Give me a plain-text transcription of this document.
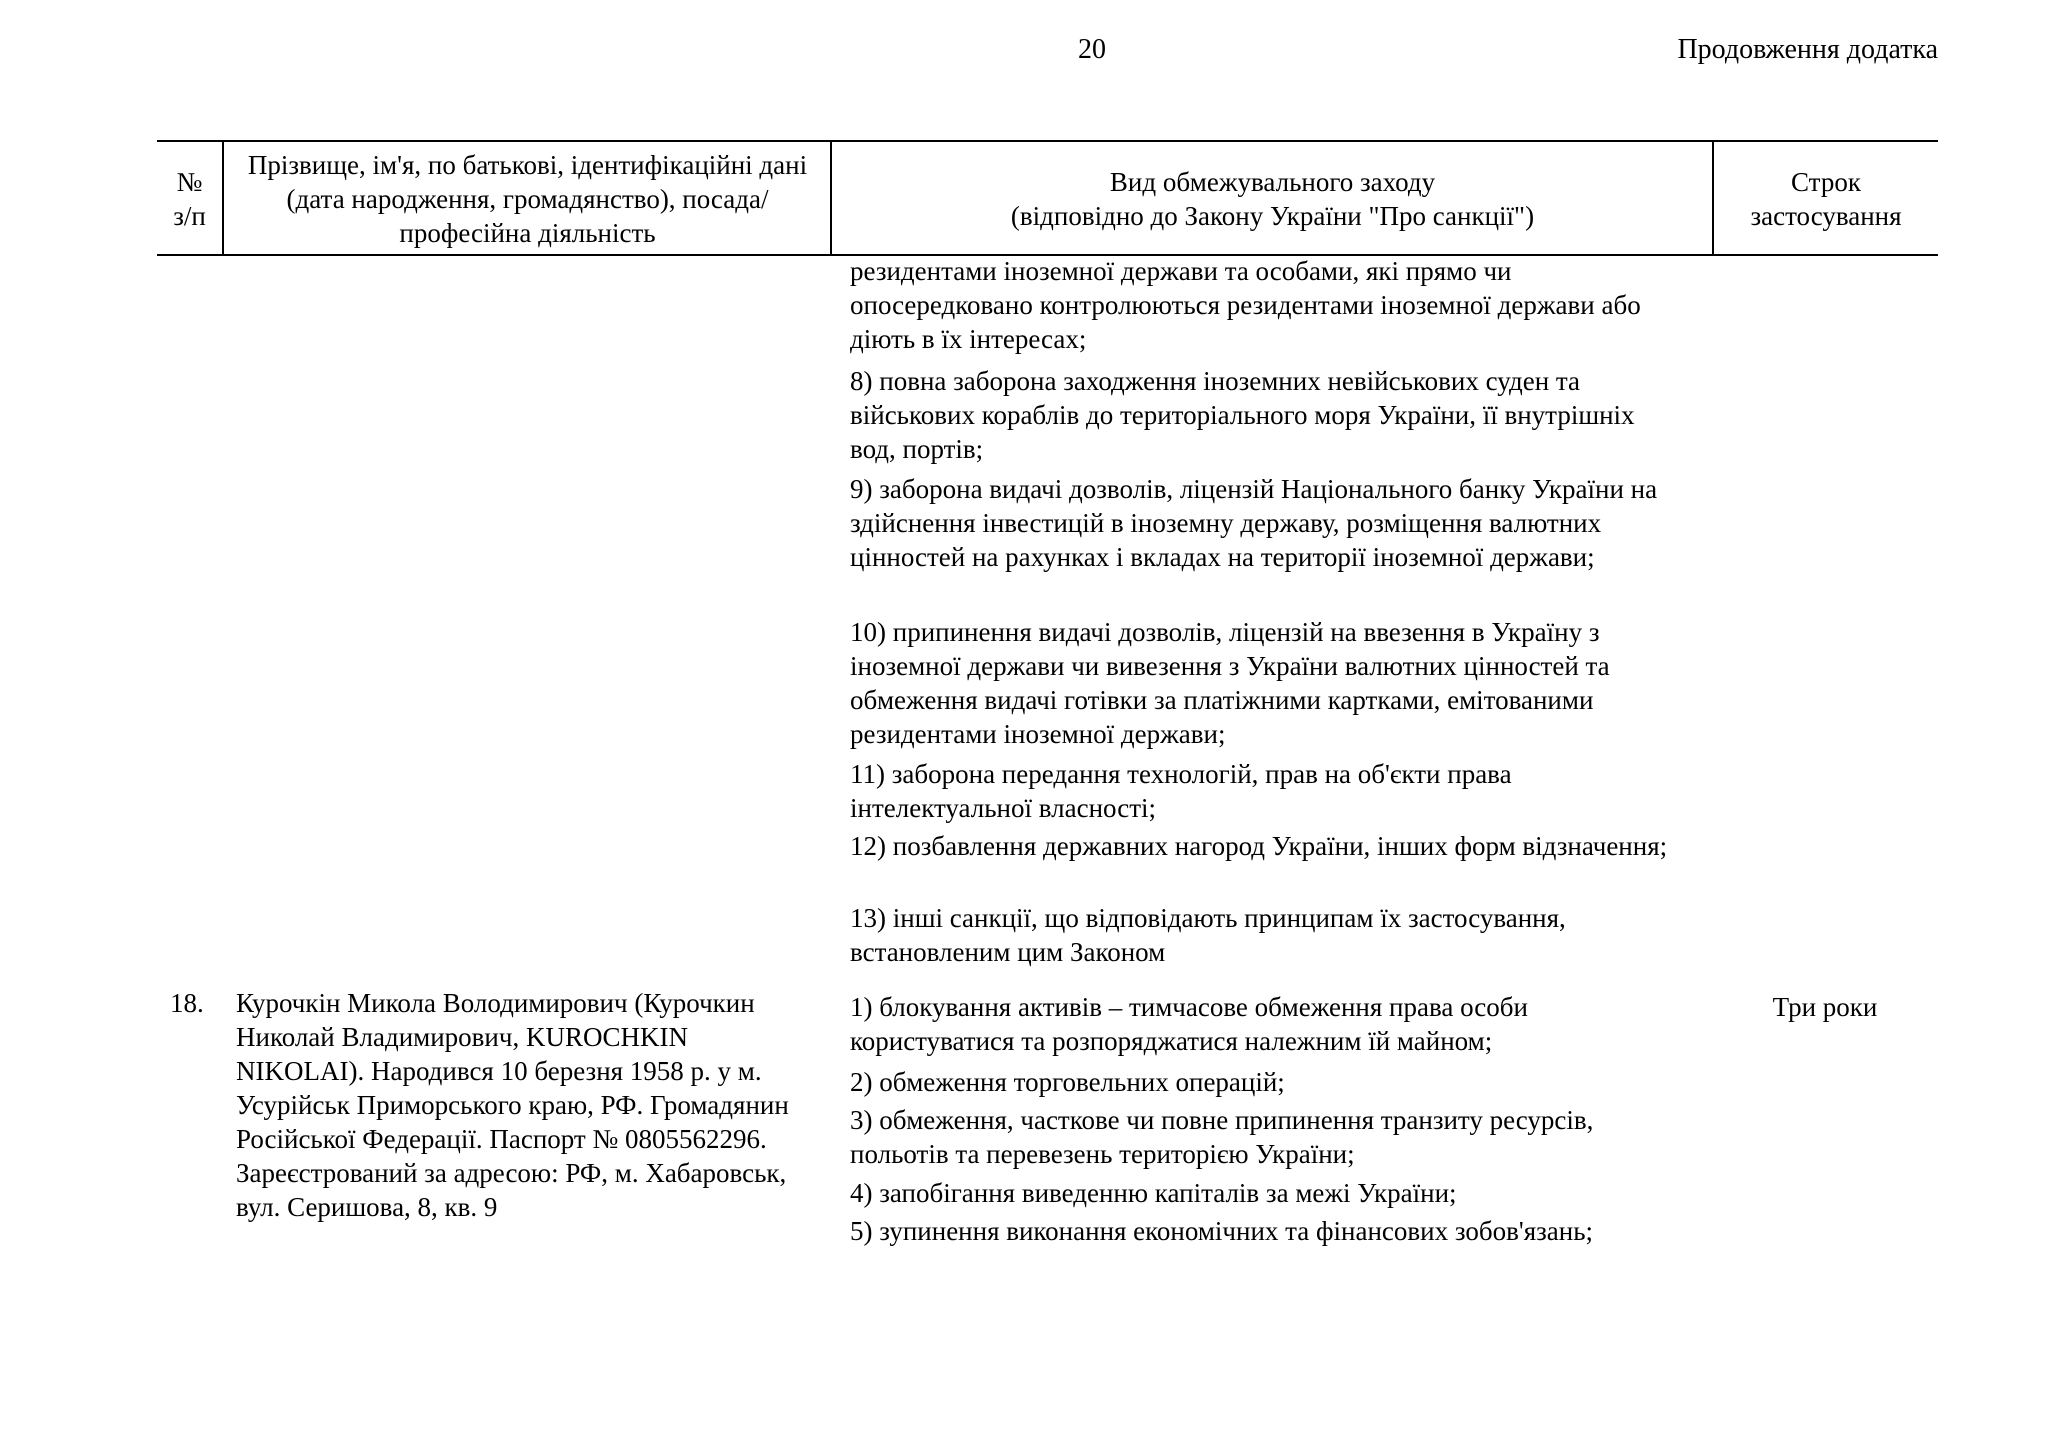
20	Продовження додатка
№
з/п
Прізвище, ім'я, по батькові, ідентифікаційні дані (дата народження, громадянство), посада/професійна діяльність
Вид обмежувального заходу
(відповідно до Закону України "Про санкції")
Строк
застосування
резидентами іноземної держави та особами, які прямо чи опосередковано контролюються резидентами іноземної держави або діють в їх інтересах;
8) повна заборона заходження іноземних невійськових суден та військових кораблів до територіального моря України, її внутрішніх вод, портів;
9) заборона видачі дозволів, ліцензій Національного банку України на здійснення інвестицій в іноземну державу, розміщення валютних цінностей на рахунках і вкладах на території іноземної держави;
10) припинення видачі дозволів, ліцензій на ввезення в Україну з іноземної держави чи вивезення з України валютних цінностей та обмеження видачі готівки за платіжними картками, емітованими резидентами іноземної держави;
11) заборона передання технологій, прав на об'єкти права інтелектуальної власності;
12) позбавлення державних нагород України, інших форм відзначення;
13) інші санкції, що відповідають принципам їх застосування, встановленим цим Законом
18. Курочкін Микола Володимирович (Курочкин Николай Владимирович, KUROCHKIN NIKOLAI). Народився 10 березня 1958 р. у м. Усурійськ Приморського краю, РФ. Громадянин Російської Федерації. Паспорт № 0805562296. Зареєстрований за адресою: РФ, м. Хабаровськ, вул. Серишова, 8, кв. 9
1) блокування активів – тимчасове обмеження права особи користуватися та розпоряджатися належним їй майном;
2) обмеження торговельних операцій;
3) обмеження, часткове чи повне припинення транзиту ресурсів, польотів та перевезень територією України;
4) запобігання виведенню капіталів за межі України;
5) зупинення виконання економічних та фінансових зобов'язань;
Три роки
